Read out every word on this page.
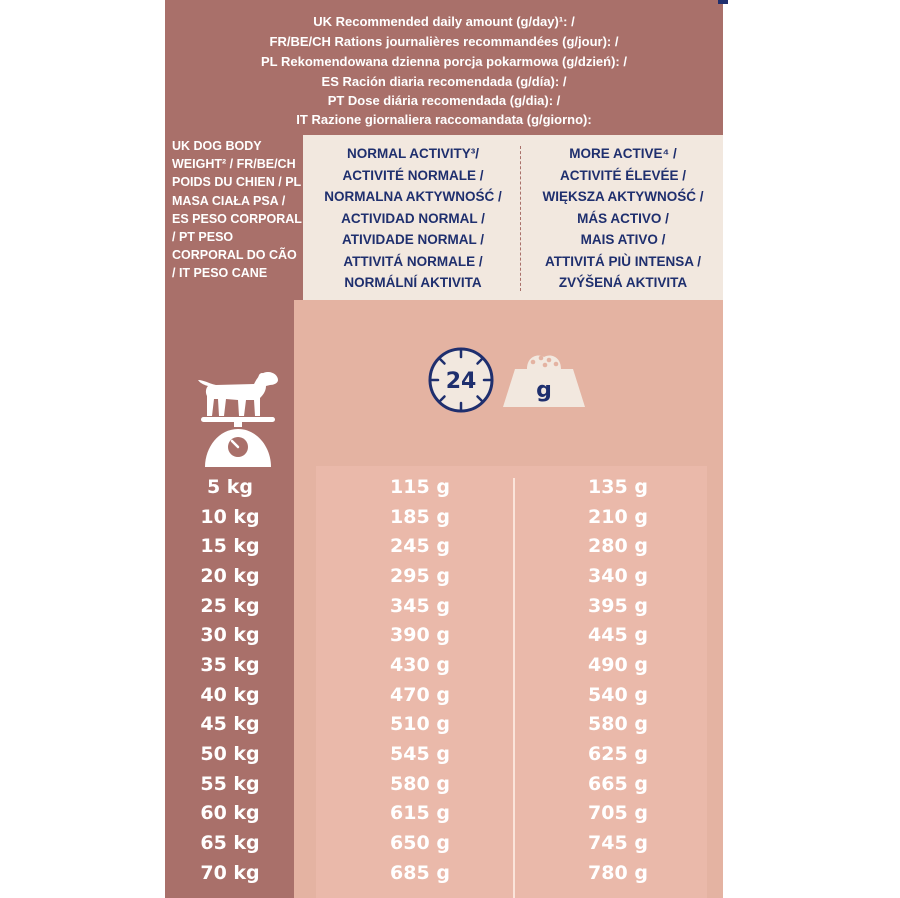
UK Recommended daily amount (g/day)¹: /
FR/BE/CH Rations journalières recommandées (g/jour): /
PL Rekomendowana dzienna porcja pokarmowa (g/dzień): /
ES Ración diaria recomendada (g/día): /
PT Dose diária recomendada (g/dia): /
IT Razione giornaliera raccomandata (g/giorno):
UK DOG BODY WEIGHT² / FR/BE/CH POIDS DU CHIEN / PL MASA CIAŁA PSA / ES PESO CORPORAL / PT PESO CORPORAL DO CÃO / IT PESO CANE
NORMAL ACTIVITY³/
ACTIVITÉ NORMALE /
NORMALNA AKTYWNOŚĆ /
ACTIVIDAD NORMAL /
ATIVIDADE NORMAL /
ATTIVITÁ NORMALE /
NORMÁLNÍ AKTIVITA
MORE ACTIVE⁴ /
ACTIVITÉ ÉLEVÉE /
WIĘKSZA AKTYWNOŚĆ /
MÁS ACTIVO /
MAIS ATIVO /
ATTIVITÁ PIÙ INTENSA /
ZVÝŠENÁ AKTIVITA
24	g
5 kg
10 kg
15 kg
20 kg
25 kg
30 kg
35 kg
40 kg
45 kg
50 kg
55 kg
60 kg
65 kg
70 kg
115 g
185 g
245 g
295 g
345 g
390 g
430 g
470 g
510 g
545 g
580 g
615 g
650 g
685 g
135 g
210 g
280 g
340 g
395 g
445 g
490 g
540 g
580 g
625 g
665 g
705 g
745 g
780 g
